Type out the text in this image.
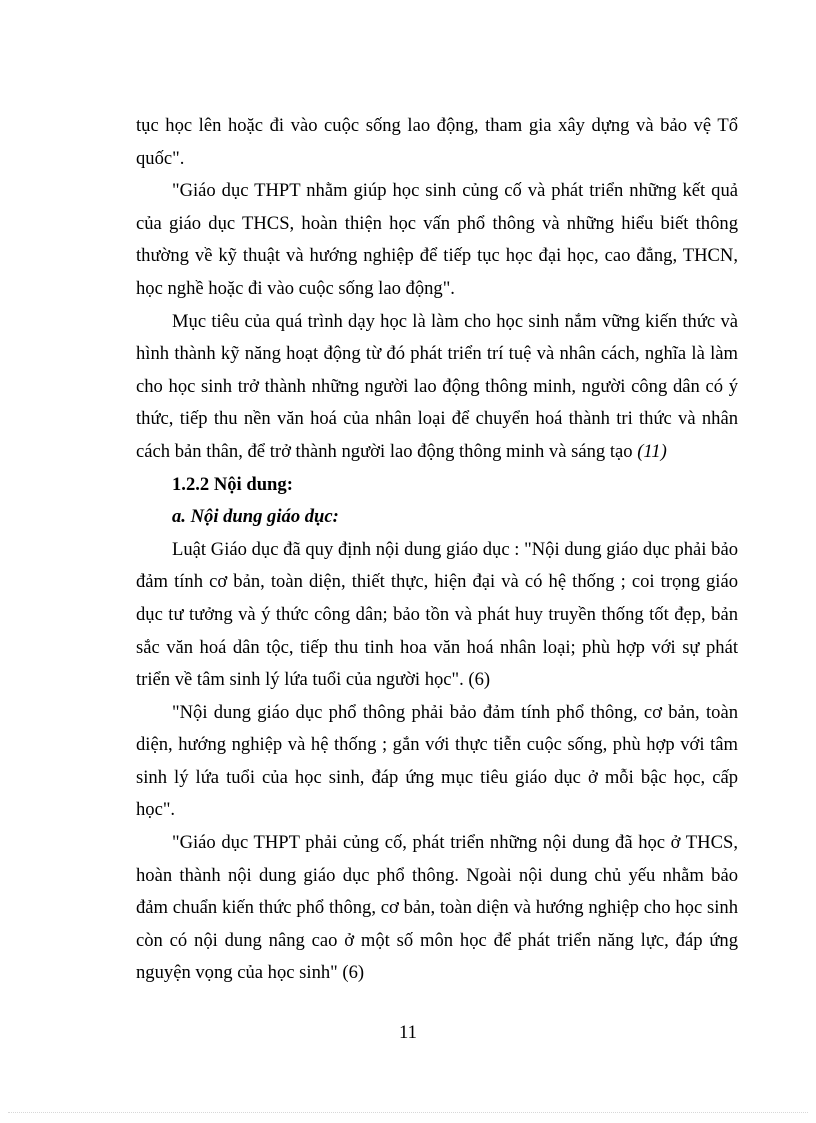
tục học lên hoặc đi vào cuộc sống lao động, tham gia xây dựng và bảo vệ Tổ quốc".

"Giáo dục THPT nhằm giúp học sinh củng cố và phát triển những kết quả của giáo dục THCS, hoàn thiện học vấn phổ thông và những hiểu biết thông thường về kỹ thuật và hướng nghiệp để tiếp tục học đại học, cao đẳng, THCN, học nghề hoặc đi vào cuộc sống lao động".

Mục tiêu của quá trình dạy học là làm cho học sinh nắm vững kiến thức và hình thành kỹ năng hoạt động từ đó phát triển trí tuệ và nhân cách, nghĩa là làm cho học sinh trở thành những người lao động thông minh, người công dân có ý thức, tiếp thu nền văn hoá của nhân loại để chuyển hoá thành tri thức và nhân cách bản thân, để trở thành người lao động thông minh và sáng tạo (11)

1.2.2 Nội dung:

a. Nội dung giáo dục:

Luật Giáo dục đã quy định nội dung giáo dục : "Nội dung giáo dục phải bảo đảm tính cơ bản, toàn diện, thiết thực, hiện đại và có hệ thống ; coi trọng giáo dục tư tưởng và ý thức công dân; bảo tồn và phát huy truyền thống tốt đẹp, bản sắc văn hoá dân tộc, tiếp thu tinh hoa văn hoá nhân loại; phù hợp với sự phát triển về tâm sinh lý lứa tuổi của người học". (6)

"Nội dung giáo dục phổ thông phải bảo đảm tính phổ thông, cơ bản, toàn diện, hướng nghiệp và hệ thống ; gắn với thực tiễn cuộc sống, phù hợp với tâm sinh lý lứa tuổi của học sinh, đáp ứng mục tiêu giáo dục ở mỗi bậc học, cấp học".

"Giáo dục THPT phải củng cố, phát triển những nội dung đã học ở THCS, hoàn thành nội dung giáo dục phổ thông. Ngoài nội dung chủ yếu nhằm bảo đảm chuẩn kiến thức phổ thông, cơ bản, toàn diện và hướng nghiệp cho học sinh còn có nội dung nâng cao ở một số môn học để phát triển năng lực, đáp ứng nguyện vọng của học sinh" (6)

11
